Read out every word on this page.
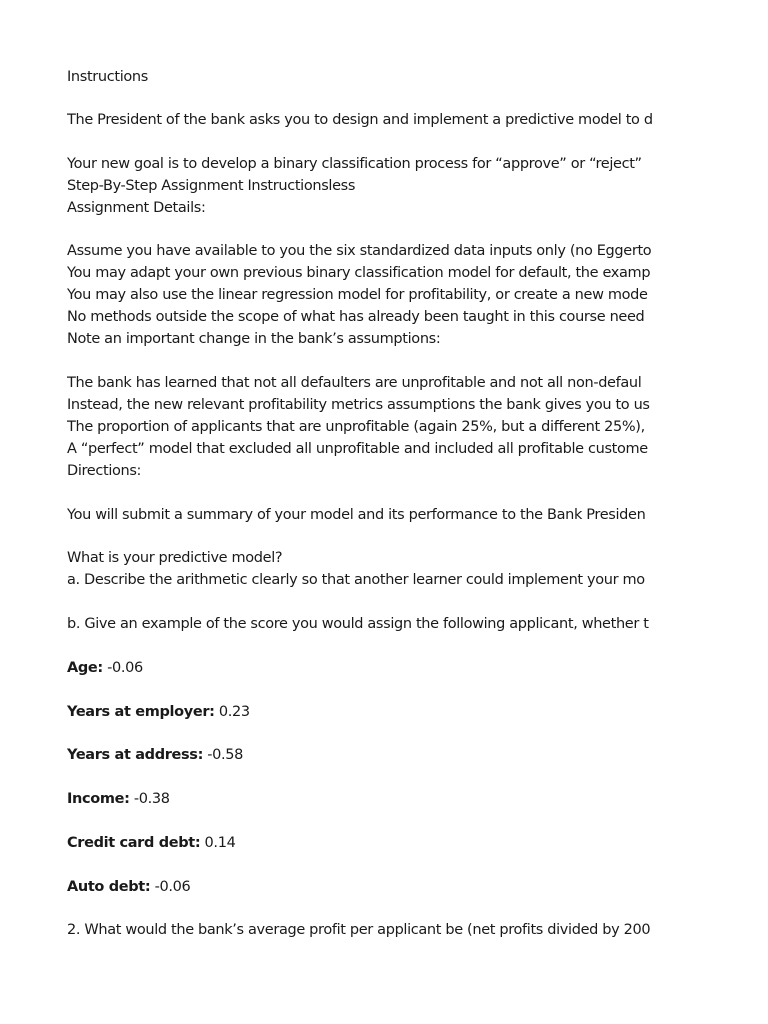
Instructions
The President of the bank asks you to design and implement a predictive model to d
Your new goal is to develop a binary classification process for “approve” or “reject”
Step-By-Step Assignment Instructionsless
Assignment Details:
Assume you have available to you the six standardized data inputs only (no Eggerto
You may adapt your own previous binary classification model for default, the examp
You may also use the linear regression model for profitability, or create a new mode
No methods outside the scope of what has already been taught in this course need
Note an important change in the bank’s assumptions:
The bank has learned that not all defaulters are unprofitable and not all non-defaul
Instead, the new relevant profitability metrics assumptions the bank gives you to us
The proportion of applicants that are unprofitable (again 25%, but a different 25%),
A “perfect” model that excluded all unprofitable and included all profitable custome
Directions:
You will submit a summary of your model and its performance to the Bank Presiden
What is your predictive model?
a. Describe the arithmetic clearly so that another learner could implement your mo
b. Give an example of the score you would assign the following applicant, whether t
Age: -0.06
Years at employer: 0.23
Years at address: -0.58
Income: -0.38
Credit card debt: 0.14
Auto debt: -0.06
2. What would the bank’s average profit per applicant be (net profits divided by 200
